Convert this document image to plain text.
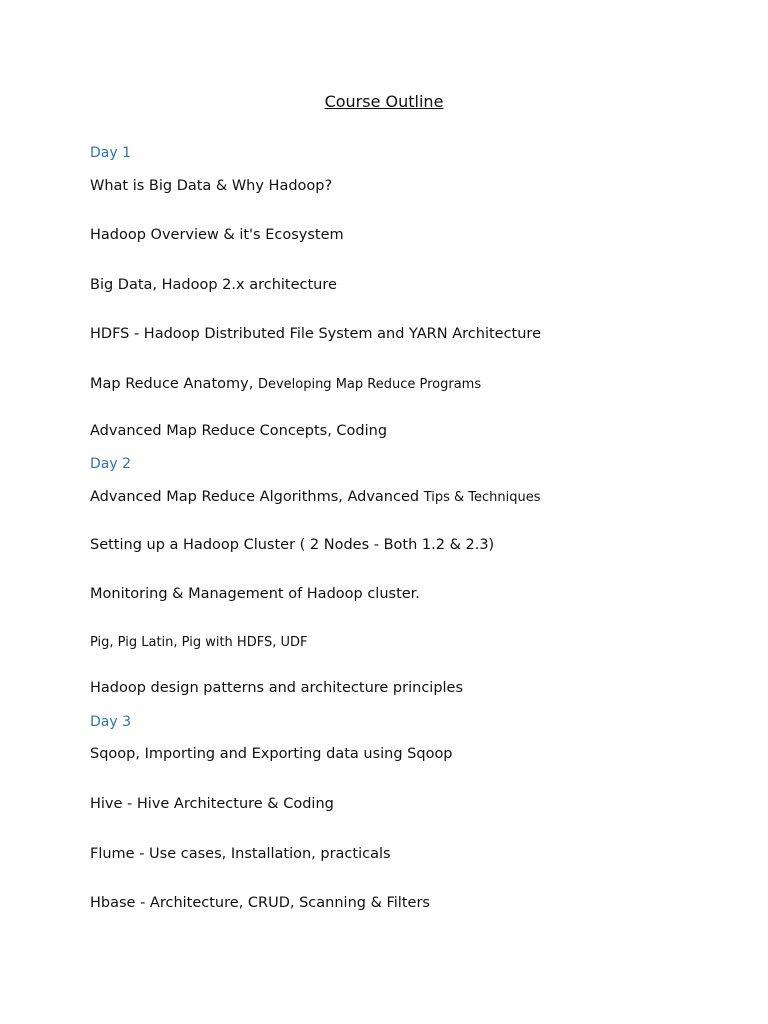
Course Outline
Day 1
What is Big Data & Why Hadoop?
Hadoop Overview & it's Ecosystem
Big Data, Hadoop 2.x architecture
HDFS - Hadoop Distributed File System and YARN Architecture
Map Reduce Anatomy, Developing Map Reduce Programs
Advanced Map Reduce Concepts, Coding
Day 2
Advanced Map Reduce Algorithms, Advanced Tips & Techniques
Setting up a Hadoop Cluster ( 2 Nodes - Both 1.2 & 2.3)
Monitoring & Management of Hadoop cluster.
Pig, Pig Latin, Pig with HDFS, UDF
Hadoop design patterns and architecture principles
Day 3
Sqoop, Importing and Exporting data using Sqoop
Hive - Hive Architecture & Coding
Flume - Use cases, Installation, practicals
Hbase - Architecture, CRUD, Scanning & Filters
